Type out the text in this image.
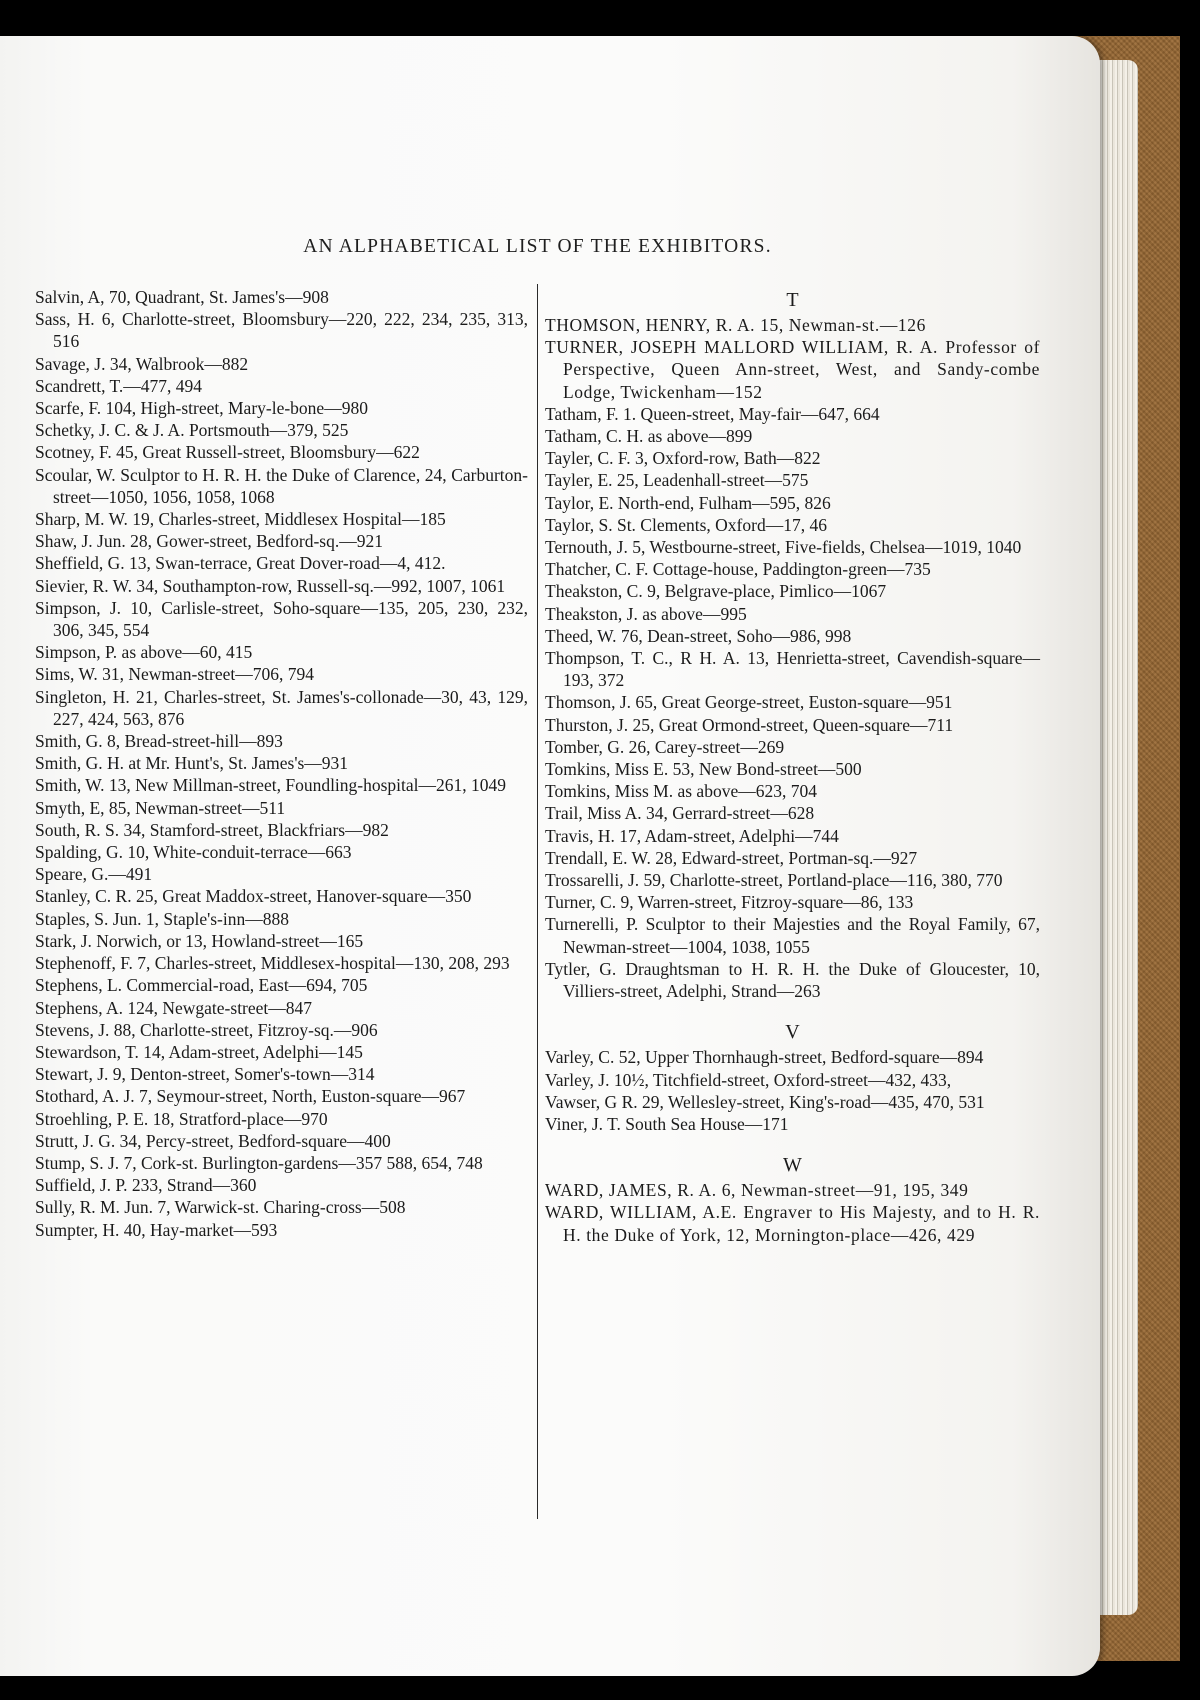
AN ALPHABETICAL LIST OF THE EXHIBITORS.
Salvin, A, 70, Quadrant, St. James's—908
Sass, H. 6, Charlotte-street, Bloomsbury—220, 222, 234, 235, 313, 516
Savage, J. 34, Walbrook—882
Scandrett, T.—477, 494
Scarfe, F. 104, High-street, Mary-le-bone—980
Schetky, J. C. & J. A. Portsmouth—379, 525
Scotney, F. 45, Great Russell-street, Bloomsbury—622
Scoular, W. Sculptor to H. R. H. the Duke of Clarence, 24, Carburton-street—1050, 1056, 1058, 1068
Sharp, M. W. 19, Charles-street, Middlesex Hospital—185
Shaw, J. Jun. 28, Gower-street, Bedford-sq.—921
Sheffield, G. 13, Swan-terrace, Great Dover-road—4, 412.
Sievier, R. W. 34, Southampton-row, Russell-sq.—992, 1007, 1061
Simpson, J. 10, Carlisle-street, Soho-square—135, 205, 230, 232, 306, 345, 554
Simpson, P. as above—60, 415
Sims, W. 31, Newman-street—706, 794
Singleton, H. 21, Charles-street, St. James's-collonade—30, 43, 129, 227, 424, 563, 876
Smith, G. 8, Bread-street-hill—893
Smith, G. H. at Mr. Hunt's, St. James's—931
Smith, W. 13, New Millman-street, Foundling-hospital—261, 1049
Smyth, E, 85, Newman-street—511
South, R. S. 34, Stamford-street, Blackfriars—982
Spalding, G. 10, White-conduit-terrace—663
Speare, G.—491
Stanley, C. R. 25, Great Maddox-street, Hanover-square—350
Staples, S. Jun. 1, Staple's-inn—888
Stark, J. Norwich, or 13, Howland-street—165
Stephenoff, F. 7, Charles-street, Middlesex-hospital—130, 208, 293
Stephens, L. Commercial-road, East—694, 705
Stephens, A. 124, Newgate-street—847
Stevens, J. 88, Charlotte-street, Fitzroy-sq.—906
Stewardson, T. 14, Adam-street, Adelphi—145
Stewart, J. 9, Denton-street, Somer's-town—314
Stothard, A. J. 7, Seymour-street, North, Euston-square—967
Stroehling, P. E. 18, Stratford-place—970
Strutt, J. G. 34, Percy-street, Bedford-square—400
Stump, S. J. 7, Cork-st. Burlington-gardens—357 588, 654, 748
Suffield, J. P. 233, Strand—360
Sully, R. M. Jun. 7, Warwick-st. Charing-cross—508
Sumpter, H. 40, Hay-market—593
T
THOMSON, HENRY, R. A. 15, Newman-st.—126
TURNER, JOSEPH MALLORD WILLIAM, R. A. Professor of Perspective, Queen Ann-street, West, and Sandy-combe Lodge, Twickenham—152
Tatham, F. 1. Queen-street, May-fair—647, 664
Tatham, C. H. as above—899
Tayler, C. F. 3, Oxford-row, Bath—822
Tayler, E. 25, Leadenhall-street—575
Taylor, E. North-end, Fulham—595, 826
Taylor, S. St. Clements, Oxford—17, 46
Ternouth, J. 5, Westbourne-street, Five-fields, Chelsea—1019, 1040
Thatcher, C. F. Cottage-house, Paddington-green—735
Theakston, C. 9, Belgrave-place, Pimlico—1067
Theakston, J. as above—995
Theed, W. 76, Dean-street, Soho—986, 998
Thompson, T. C., R H. A. 13, Henrietta-street, Cavendish-square—193, 372
Thomson, J. 65, Great George-street, Euston-square—951
Thurston, J. 25, Great Ormond-street, Queen-square—711
Tomber, G. 26, Carey-street—269
Tomkins, Miss E. 53, New Bond-street—500
Tomkins, Miss M. as above—623, 704
Trail, Miss A. 34, Gerrard-street—628
Travis, H. 17, Adam-street, Adelphi—744
Trendall, E. W. 28, Edward-street, Portman-sq.—927
Trossarelli, J. 59, Charlotte-street, Portland-place—116, 380, 770
Turner, C. 9, Warren-street, Fitzroy-square—86, 133
Turnerelli, P. Sculptor to their Majesties and the Royal Family, 67, Newman-street—1004, 1038, 1055
Tytler, G. Draughtsman to H. R. H. the Duke of Gloucester, 10, Villiers-street, Adelphi, Strand—263
V
Varley, C. 52, Upper Thornhaugh-street, Bedford-square—894
Varley, J. 10½, Titchfield-street, Oxford-street—432, 433,
Vawser, G R. 29, Wellesley-street, King's-road—435, 470, 531
Viner, J. T. South Sea House—171
W
WARD, JAMES, R. A. 6, Newman-street—91, 195, 349
WARD, WILLIAM, A.E. Engraver to His Majesty, and to H. R. H. the Duke of York, 12, Mornington-place—426, 429
